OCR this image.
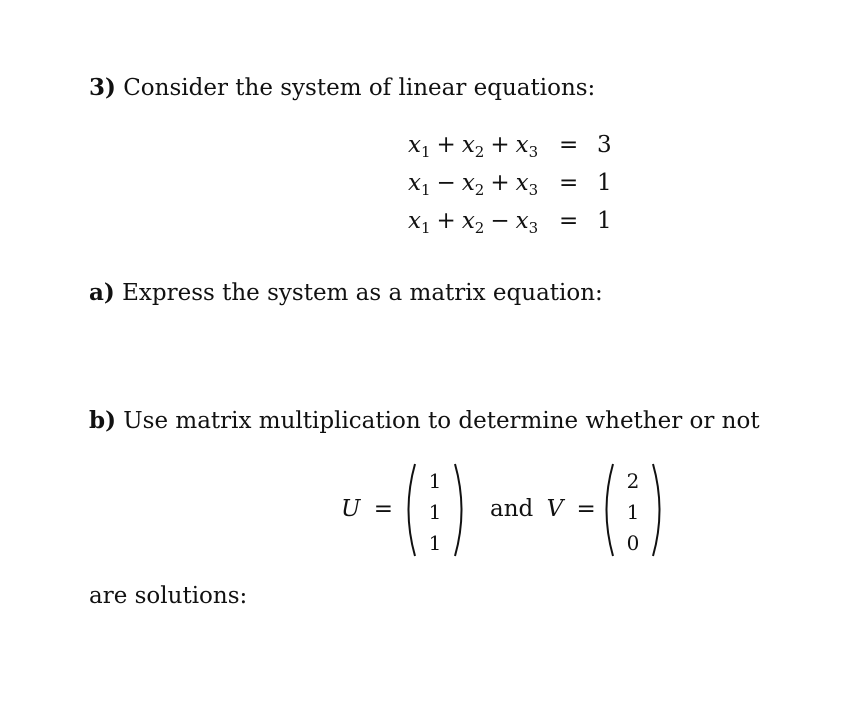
3) Consider the system of linear equations:
$x_1 + x_2 + x_3 = 3$
$x_1 - x_2 + x_3 = 1$
$x_1 + x_2 - x_3 = 1$
a) Express the system as a matrix equation:
b) Use matrix multiplication to determine whether or not
U =
1
1
1
and V =
2
1
0
are solutions:
